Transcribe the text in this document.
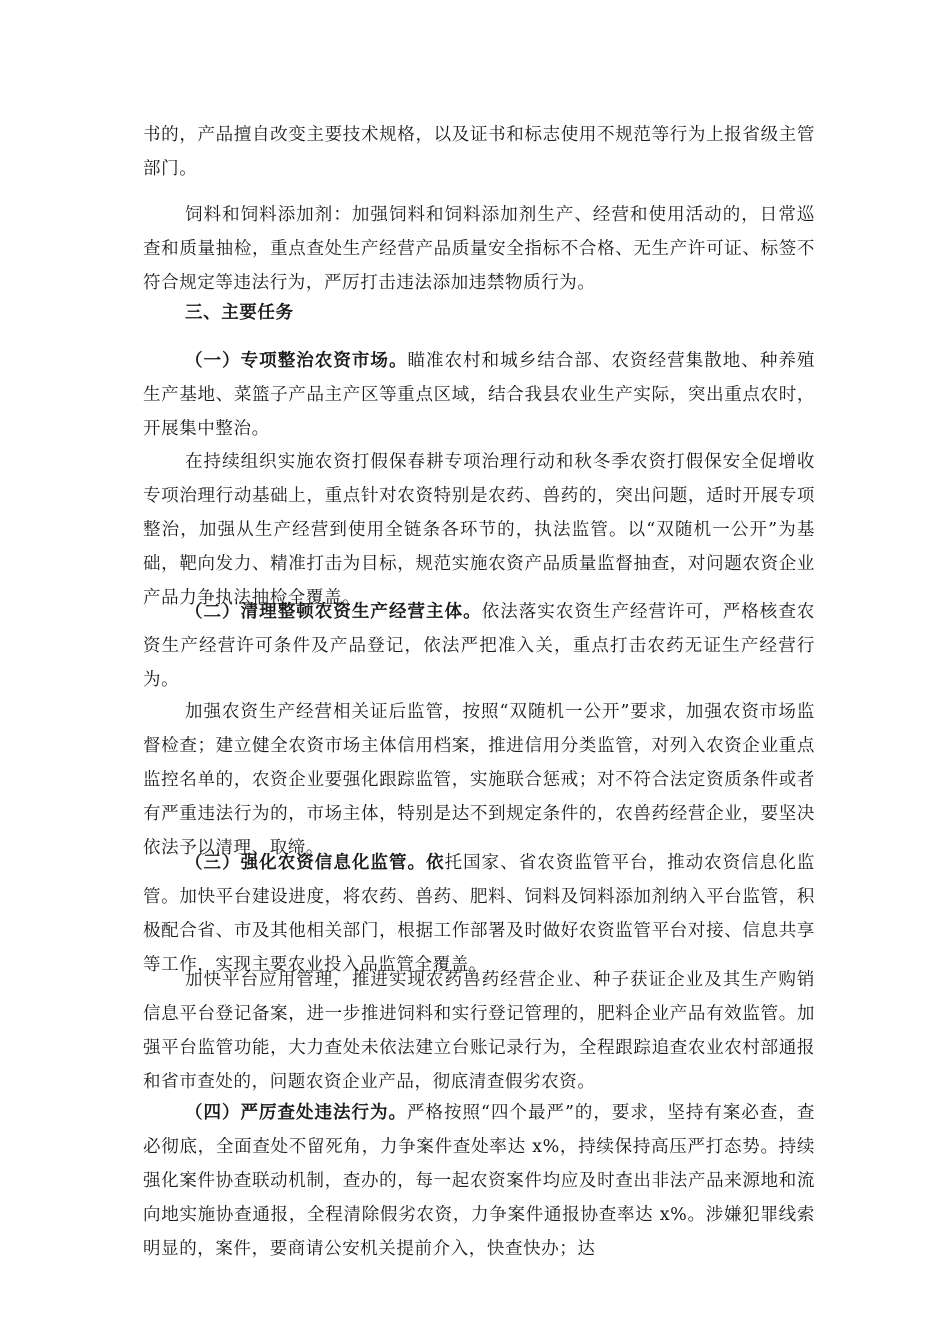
书的，产品擅自改变主要技术规格，以及证书和标志使用不规范等行为上报省级主管部门。

饲料和饲料添加剂：加强饲料和饲料添加剂生产、经营和使用活动的，日常巡查和质量抽检，重点查处生产经营产品质量安全指标不合格、无生产许可证、标签不符合规定等违法行为，严厉打击违法添加违禁物质行为。

三、主要任务

（一）专项整治农资市场。瞄准农村和城乡结合部、农资经营集散地、种养殖生产基地、菜篮子产品主产区等重点区域，结合我县农业生产实际，突出重点农时，开展集中整治。

在持续组织实施农资打假保春耕专项治理行动和秋冬季农资打假保安全促增收专项治理行动基础上，重点针对农资特别是农药、兽药的，突出问题，适时开展专项整治，加强从生产经营到使用全链条各环节的，执法监管。以“双随机一公开”为基础，靶向发力、精准打击为目标，规范实施农资产品质量监督抽查，对问题农资企业产品力争执法抽检全覆盖。

（二）清理整顿农资生产经营主体。依法落实农资生产经营许可，严格核查农资生产经营许可条件及产品登记，依法严把准入关，重点打击农药无证生产经营行为。

加强农资生产经营相关证后监管，按照“双随机一公开”要求，加强农资市场监督检查；建立健全农资市场主体信用档案，推进信用分类监管，对列入农资企业重点监控名单的，农资企业要强化跟踪监管，实施联合惩戒；对不符合法定资质条件或者有严重违法行为的，市场主体，特别是达不到规定条件的，农兽药经营企业，要坚决依法予以清理、取缔。

（三）强化农资信息化监管。依托国家、省农资监管平台，推动农资信息化监管。加快平台建设进度，将农药、兽药、肥料、饲料及饲料添加剂纳入平台监管，积极配合省、市及其他相关部门，根据工作部署及时做好农资监管平台对接、信息共享等工作，实现主要农业投入品监管全覆盖。

加快平台应用管理，推进实现农药兽药经营企业、种子获证企业及其生产购销信息平台登记备案，进一步推进饲料和实行登记管理的，肥料企业产品有效监管。加强平台监管功能，大力查处未依法建立台账记录行为，全程跟踪追查农业农村部通报和省市查处的，问题农资企业产品，彻底清查假劣农资。

（四）严厉查处违法行为。严格按照“四个最严”的，要求，坚持有案必查，查必彻底，全面查处不留死角，力争案件查处率达 x%，持续保持高压严打态势。持续强化案件协查联动机制，查办的，每一起农资案件均应及时查出非法产品来源地和流向地实施协查通报，全程清除假劣农资，力争案件通报协查率达 x%。涉嫌犯罪线索明显的，案件，要商请公安机关提前介入，快查快办；达
